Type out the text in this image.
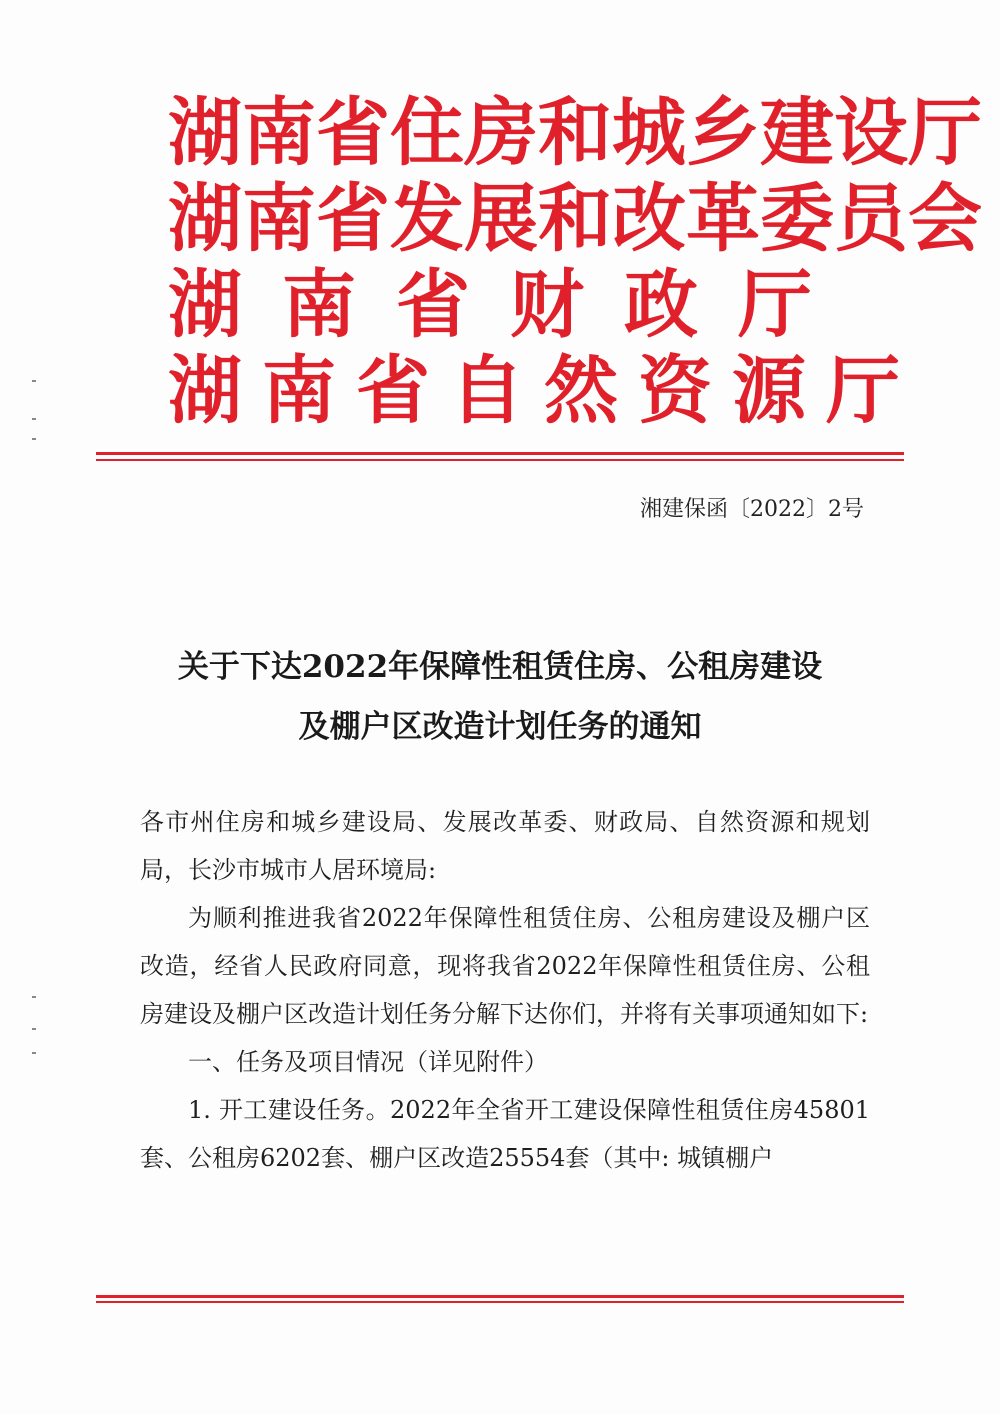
湖南省住房和城乡建设厅
湖南省发展和改革委员会
湖南省财政厅
湖南省自然资源厅
湘建保函〔2022〕2号
关于下达2022年保障性租赁住房、公租房建设
及棚户区改造计划任务的通知

各市州住房和城乡建设局、发展改革委、财政局、自然资源和规划局，长沙市城市人居环境局:

为顺利推进我省2022年保障性租赁住房、公租房建设及棚户区改造，经省人民政府同意，现将我省2022年保障性租赁住房、公租房建设及棚户区改造计划任务分解下达你们，并将有关事项通知如下:

一、任务及项目情况（详见附件）

1. 开工建设任务。2022年全省开工建设保障性租赁住房45801套、公租房6202套、棚户区改造25554套（其中: 城镇棚户
